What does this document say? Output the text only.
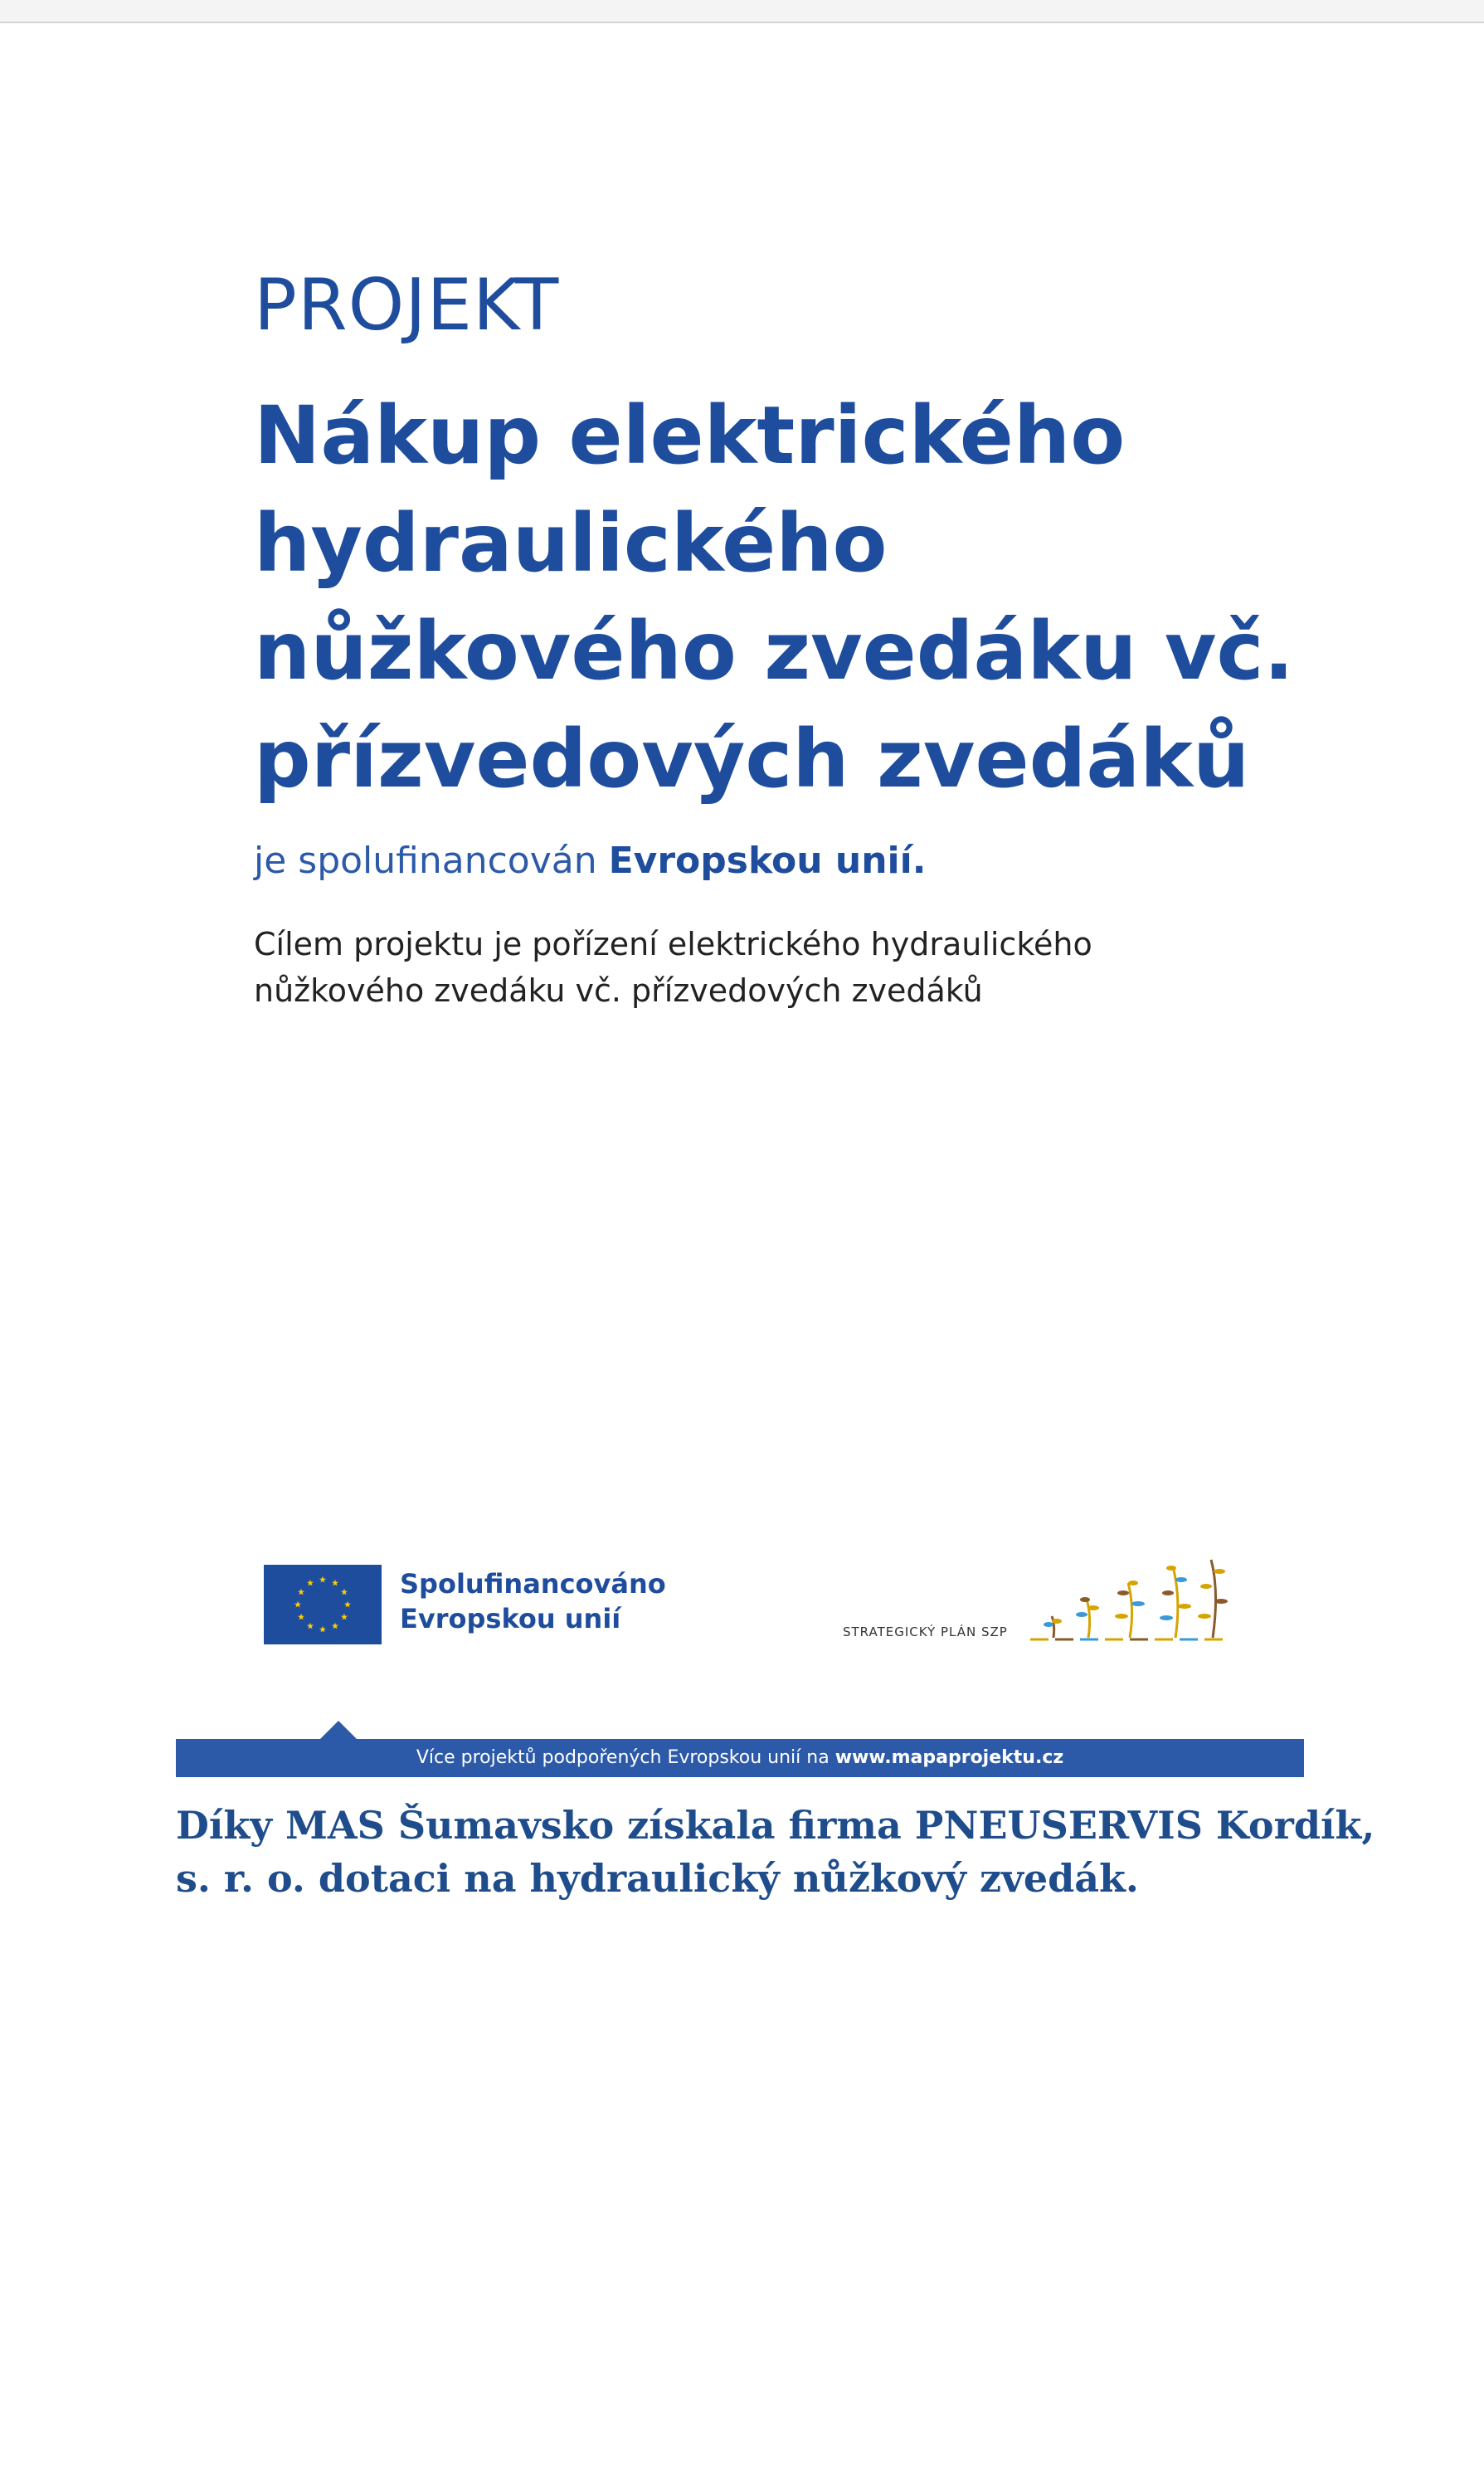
PROJEKT
Nákup elektrického
hydraulického
nůžkového zvedáku vč.
přízvedových zvedáků
je spolufinancován Evropskou unií.
Cílem projektu je pořízení elektrického hydraulického
nůžkového zvedáku vč. přízvedových zvedáků
Spolufinancováno
Evropskou unií	STRATEGICKÝ PLÁN SZP
Více projektů podpořených Evropskou unií na www.mapaprojektu.cz
Díky MAS Šumavsko získala firma PNEUSERVIS Kordík,
s. r. o. dotaci na hydraulický nůžkový zvedák.
